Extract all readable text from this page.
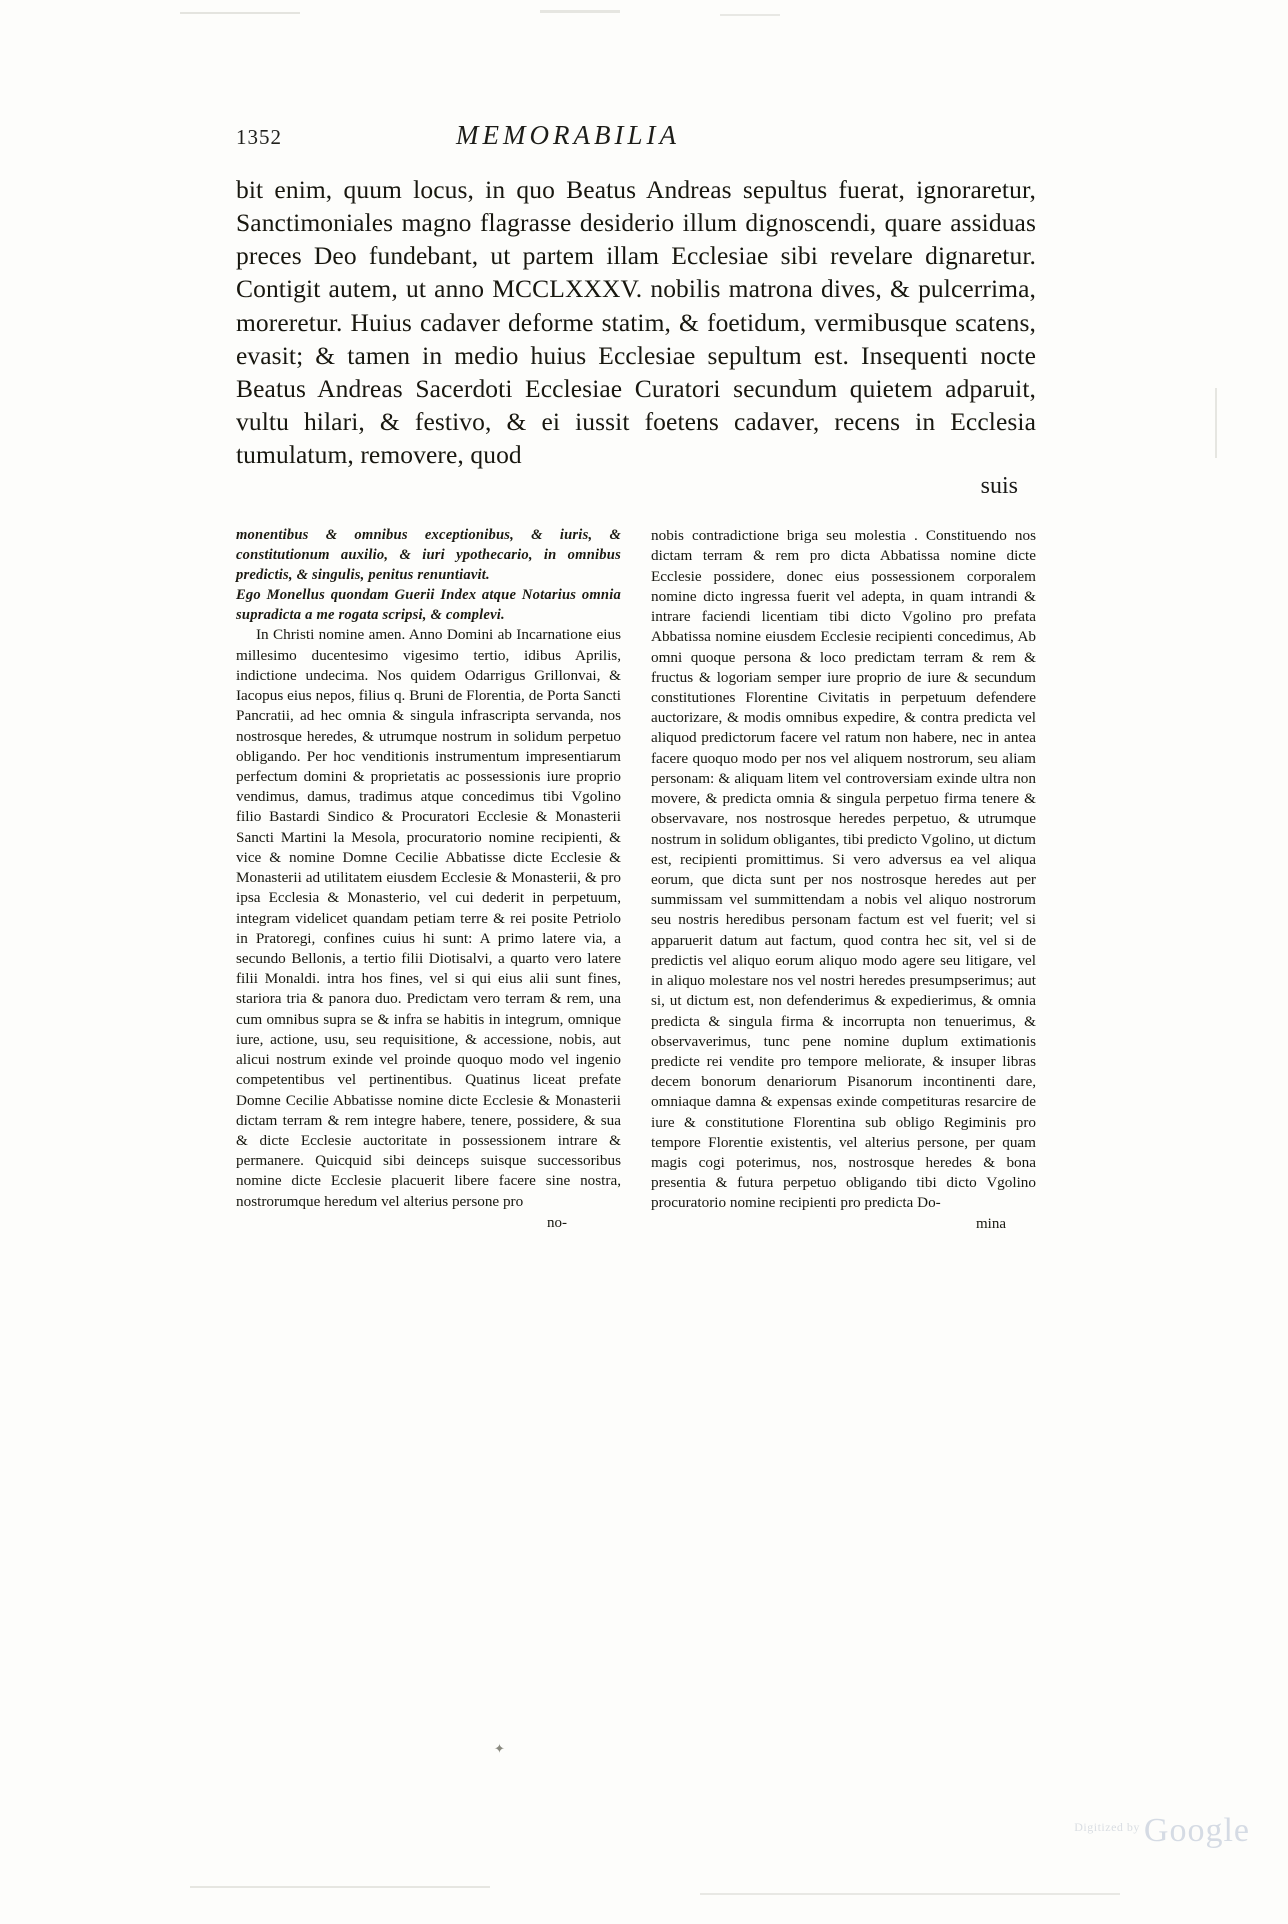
1352	MEMORABILIA
bit enim, quum locus, in quo Beatus Andreas sepultus fuerat, ignoraretur, Sanctimoniales magno flagrasse desiderio illum dignoscendi, quare assiduas preces Deo fundebant, ut partem illam Ecclesiae sibi revelare dignaretur. Contigit autem, ut anno MCCLXXXV. nobilis matrona dives, & pulcerrima, moreretur. Huius cadaver deforme statim, & foetidum, vermibusque scatens, evasit; & tamen in medio huius Ecclesiae sepultum est. Insequenti nocte Beatus Andreas Sacerdoti Ecclesiae Curatori secundum quietem adparuit, vultu hilari, & festivo, & ei iussit foetens cadaver, recens in Ecclesia tumulatum, removere, quod
suis
monentibus & omnibus exceptionibus, & iuris, & constitutionum auxilio, & iuri ypothecario, in omnibus predictis, & singulis, penitus renuntiavit.
Ego Monellus quondam Guerii Index atque Notarius omnia supradicta a me rogata scripsi, & complevi.

In Christi nomine amen. Anno Domini ab Incarnatione eius millesimo ducentesimo vigesimo tertio, idibus Aprilis, indictione undecima. Nos quidem Odarrigus Grillonvai, & Iacopus eius nepos, filius q. Bruni de Florentia, de Porta Sancti Pancratii, ad hec omnia & singula infrascripta servanda, nos nostrosque heredes, & utrumque nostrum in solidum perpetuo obligando. Per hoc venditionis instrumentum impresentiarum perfectum domini & proprietatis ac possessionis iure proprio vendimus, damus, tradimus atque concedimus tibi Vgolino filio Bastardi Sindico & Procuratori Ecclesie & Monasterii Sancti Martini la Mesola, procuratorio nomine recipienti, & vice & nomine Domne Cecilie Abbatisse dicte Ecclesie & Monasterii ad utilitatem eiusdem Ecclesie & Monasterii, & pro ipsa Ecclesia & Monasterio, vel cui dederit in perpetuum, integram videlicet quandam petiam terre & rei posite Petriolo in Pratoregi, confines cuius hi sunt: A primo latere via, a secundo Bellonis, a tertio filii Diotisalvi, a quarto vero latere filii Monaldi. intra hos fines, vel si qui eius alii sunt fines, stariora tria & panora duo. Predictam vero terram & rem, una cum omnibus supra se & infra se habitis in integrum, omnique iure, actione, usu, seu requisitione, & accessione, nobis, aut alicui nostrum exinde vel proinde quoquo modo vel ingenio competentibus vel pertinentibus. Quatinus liceat prefate Domne Cecilie Abbatisse nomine dicte Ecclesie & Monasterii dictam terram & rem integre habere, tenere, possidere, & sua & dicte Ecclesie auctoritate in possessionem intrare & permanere. Quicquid sibi deinceps suisque successoribus nomine dicte Ecclesie placuerit libere facere sine nostra, nostrorumque heredum vel alterius persone pro

no-

nobis contradictione briga seu molestia . Constituendo nos dictam terram & rem pro dicta Abbatissa nomine dicte Ecclesie possidere, donec eius possessionem corporalem nomine dicto ingressa fuerit vel adepta, in quam intrandi & intrare faciendi licentiam tibi dicto Vgolino pro prefata Abbatissa nomine eiusdem Ecclesie recipienti concedimus, Ab omni quoque persona & loco predictam terram & rem & fructus & logoriam semper iure proprio de iure & secundum constitutiones Florentine Civitatis in perpetuum defendere auctorizare, & modis omnibus expedire, & contra predicta vel aliquod predictorum facere vel ratum non habere, nec in antea facere quoquo modo per nos vel aliquem nostrorum, seu aliam personam: & aliquam litem vel controversiam exinde ultra non movere, & predicta omnia & singula perpetuo firma tenere & observavare, nos nostrosque heredes perpetuo, & utrumque nostrum in solidum obligantes, tibi predicto Vgolino, ut dictum est, recipienti promittimus. Si vero adversus ea vel aliqua eorum, que dicta sunt per nos nostrosque heredes aut per summissam vel summittendam a nobis vel aliquo nostrorum seu nostris heredibus personam factum est vel fuerit; vel si apparuerit datum aut factum, quod contra hec sit, vel si de predictis vel aliquo eorum aliquo modo agere seu litigare, vel in aliquo molestare nos vel nostri heredes presumpserimus; aut si, ut dictum est, non defenderimus & expedierimus, & omnia predicta & singula firma & incorrupta non tenuerimus, & observaverimus, tunc pene nomine duplum extimationis predicte rei vendite pro tempore meliorate, & insuper libras decem bonorum denariorum Pisanorum incontinenti dare, omniaque damna & expensas exinde competituras resarcire de iure & constitutione Florentina sub obligo Regiminis pro tempore Florentie existentis, vel alterius persone, per quam magis cogi poterimus, nos, nostrosque heredes & bona presentia & futura perpetuo obligando tibi dicto Vgolino procuratorio nomine recipienti pro predicta Do-

mina
✦
Digitized by Google
